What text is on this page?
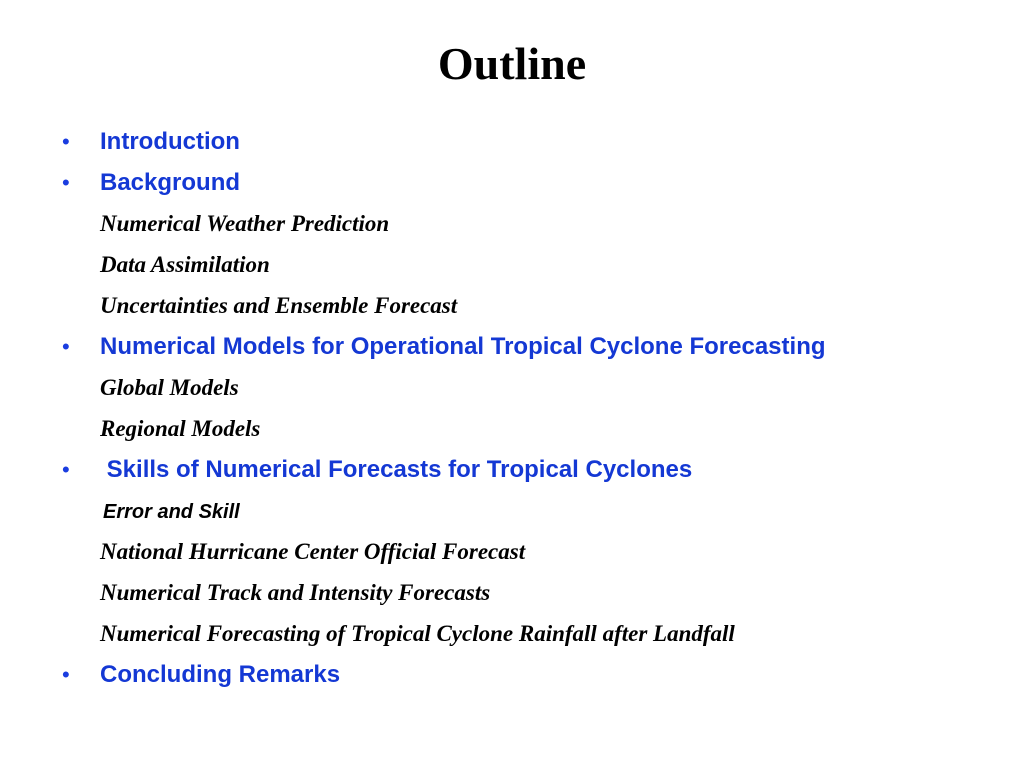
Outline
• Introduction
• Background
Numerical Weather Prediction
Data Assimilation
Uncertainties and Ensemble Forecast
• Numerical Models for Operational Tropical Cyclone Forecasting
Global Models
Regional Models
• Skills of Numerical Forecasts for Tropical Cyclones
Error and Skill
National Hurricane Center Official Forecast
Numerical Track and Intensity Forecasts
Numerical Forecasting of Tropical Cyclone Rainfall after Landfall
• Concluding Remarks
